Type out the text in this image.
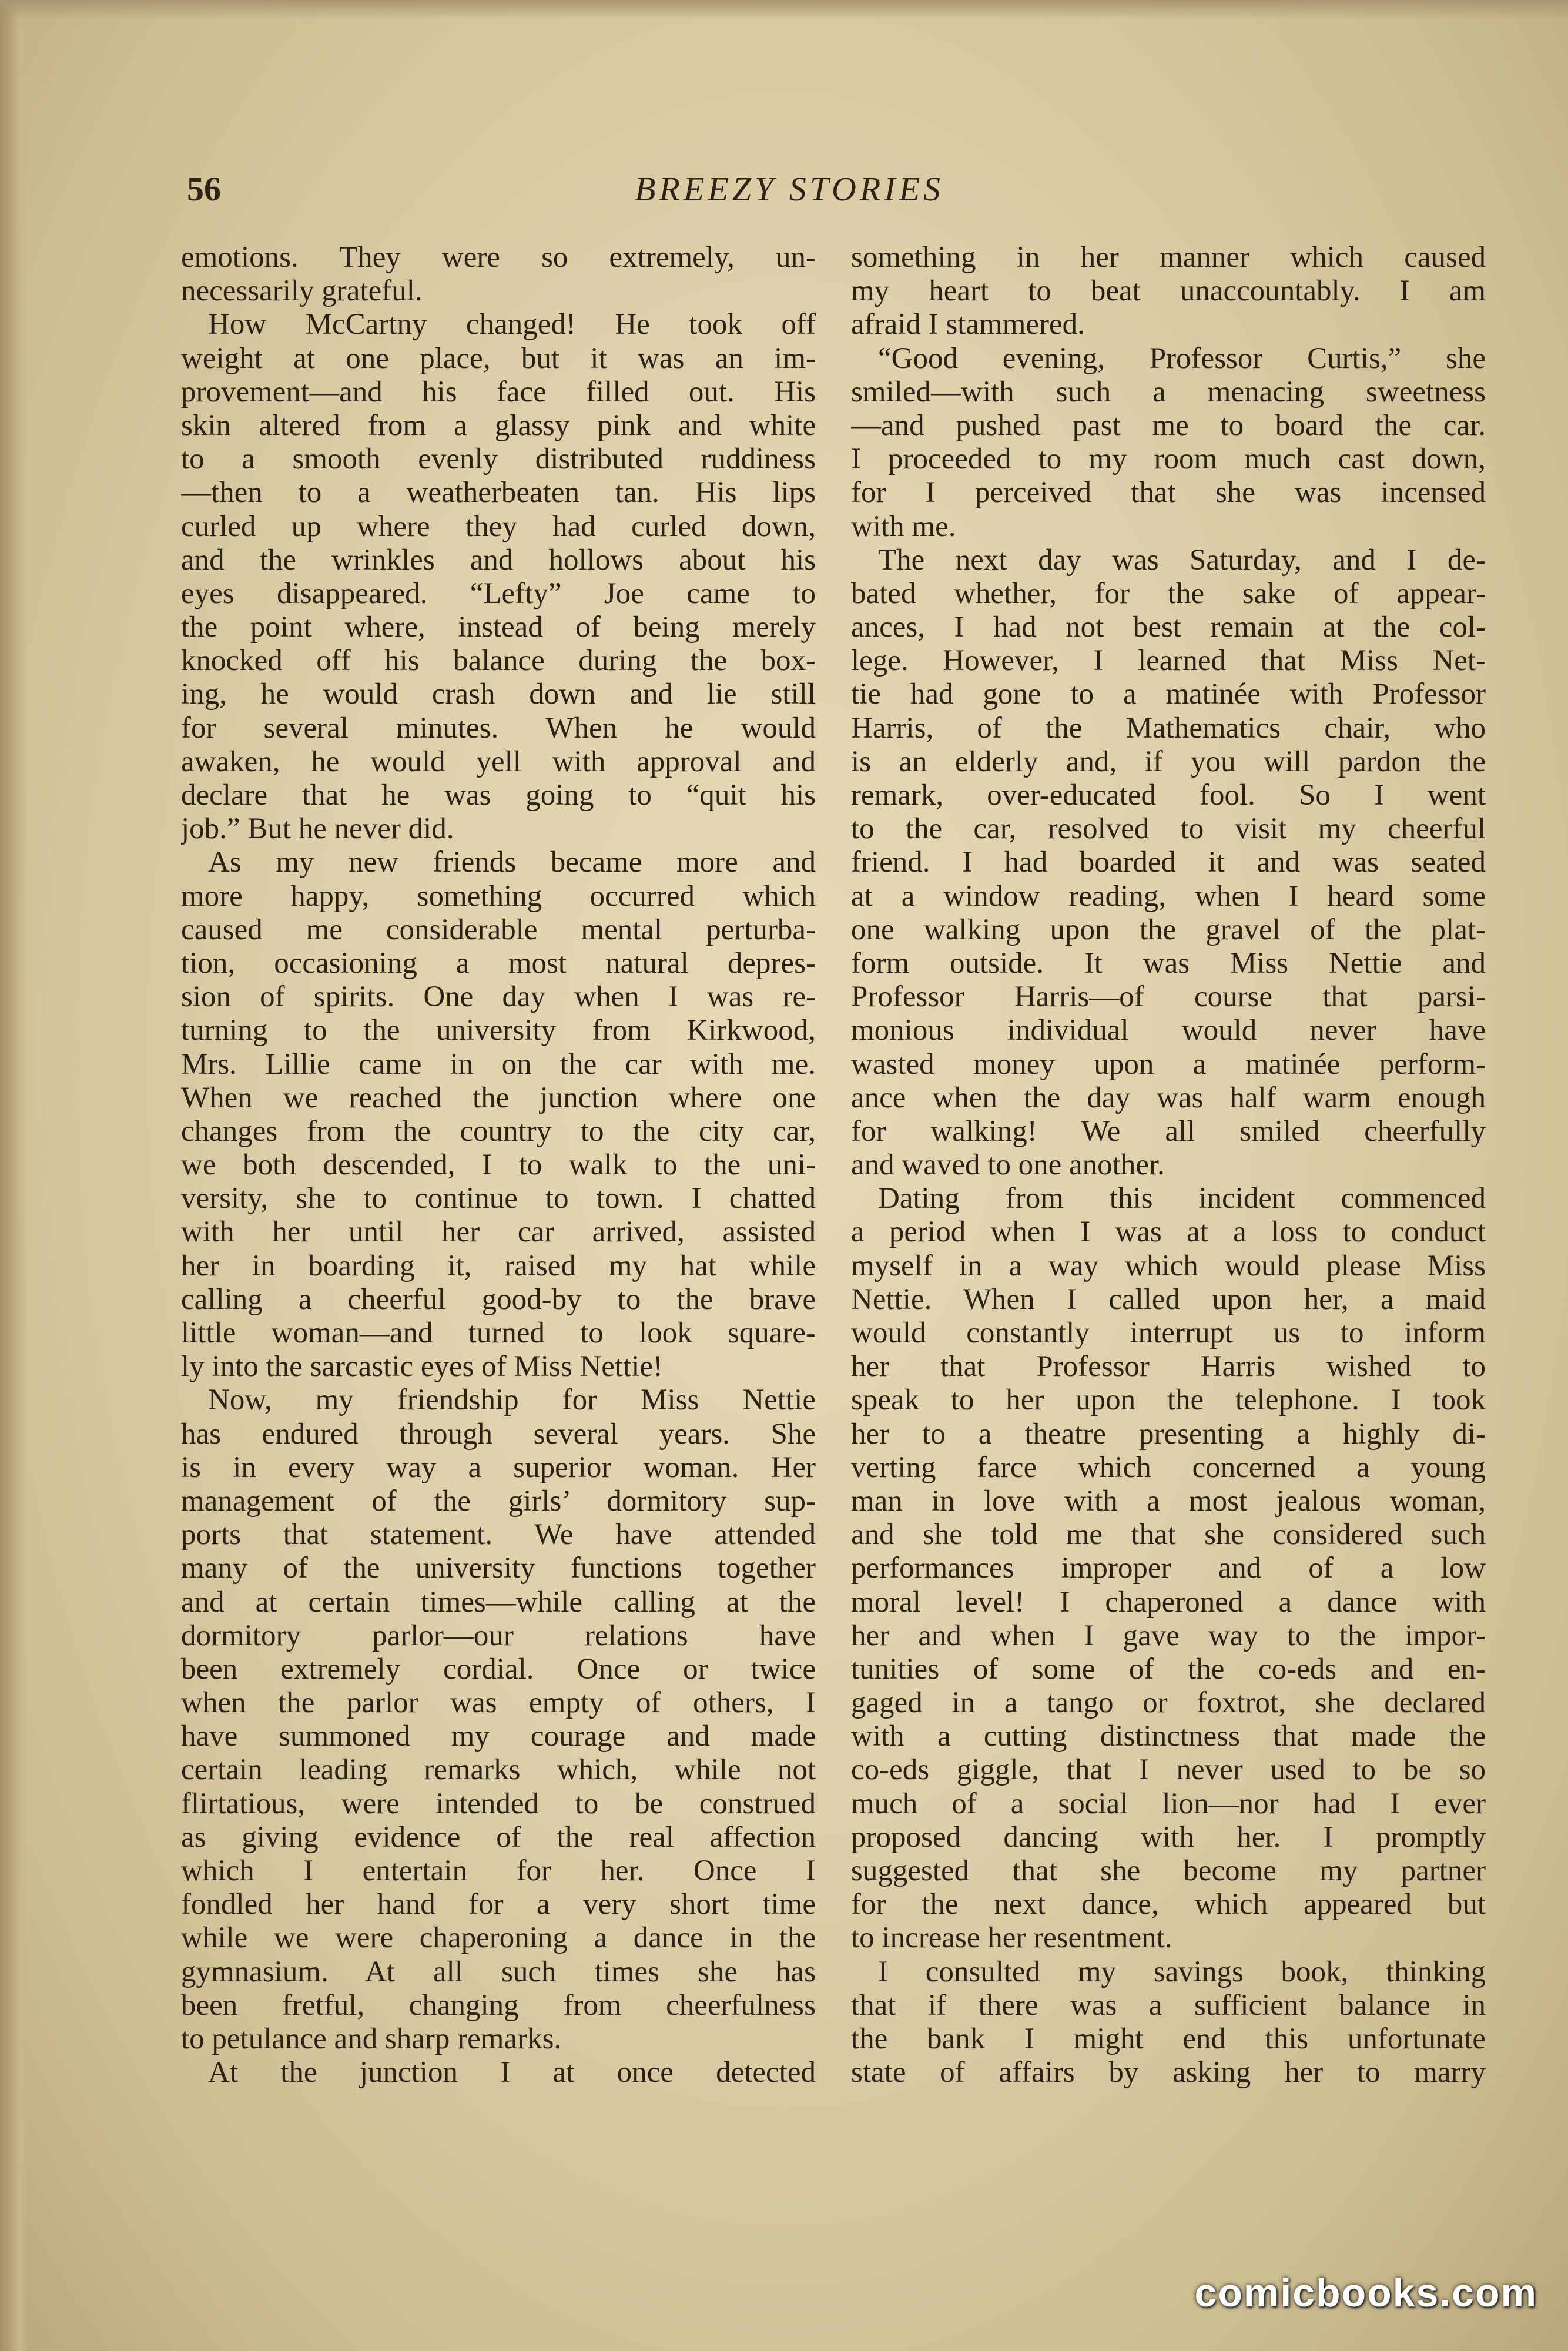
56	BREEZY STORIES
emotions. They were so extremely, un-
necessarily grateful.
How McCartny changed! He took off
weight at one place, but it was an im-
provement—and his face filled out. His
skin altered from a glassy pink and white
to a smooth evenly distributed ruddiness
—then to a weatherbeaten tan. His lips
curled up where they had curled down,
and the wrinkles and hollows about his
eyes disappeared. “Lefty” Joe came to
the point where, instead of being merely
knocked off his balance during the box-
ing, he would crash down and lie still
for several minutes. When he would
awaken, he would yell with approval and
declare that he was going to “quit his
job.” But he never did.
As my new friends became more and
more happy, something occurred which
caused me considerable mental perturba-
tion, occasioning a most natural depres-
sion of spirits. One day when I was re-
turning to the university from Kirkwood,
Mrs. Lillie came in on the car with me.
When we reached the junction where one
changes from the country to the city car,
we both descended, I to walk to the uni-
versity, she to continue to town. I chatted
with her until her car arrived, assisted
her in boarding it, raised my hat while
calling a cheerful good-by to the brave
little woman—and turned to look square-
ly into the sarcastic eyes of Miss Nettie!
Now, my friendship for Miss Nettie
has endured through several years. She
is in every way a superior woman. Her
management of the girls’ dormitory sup-
ports that statement. We have attended
many of the university functions together
and at certain times—while calling at the
dormitory parlor—our relations have
been extremely cordial. Once or twice
when the parlor was empty of others, I
have summoned my courage and made
certain leading remarks which, while not
flirtatious, were intended to be construed
as giving evidence of the real affection
which I entertain for her. Once I
fondled her hand for a very short time
while we were chaperoning a dance in the
gymnasium. At all such times she has
been fretful, changing from cheerfulness
to petulance and sharp remarks.
At the junction I at once detected
something in her manner which caused
my heart to beat unaccountably. I am
afraid I stammered.
“Good evening, Professor Curtis,” she
smiled—with such a menacing sweetness
—and pushed past me to board the car.
I proceeded to my room much cast down,
for I perceived that she was incensed
with me.
The next day was Saturday, and I de-
bated whether, for the sake of appear-
ances, I had not best remain at the col-
lege. However, I learned that Miss Net-
tie had gone to a matinée with Professor
Harris, of the Mathematics chair, who
is an elderly and, if you will pardon the
remark, over-educated fool. So I went
to the car, resolved to visit my cheerful
friend. I had boarded it and was seated
at a window reading, when I heard some
one walking upon the gravel of the plat-
form outside. It was Miss Nettie and
Professor Harris—of course that parsi-
monious individual would never have
wasted money upon a matinée perform-
ance when the day was half warm enough
for walking! We all smiled cheerfully
and waved to one another.
Dating from this incident commenced
a period when I was at a loss to conduct
myself in a way which would please Miss
Nettie. When I called upon her, a maid
would constantly interrupt us to inform
her that Professor Harris wished to
speak to her upon the telephone. I took
her to a theatre presenting a highly di-
verting farce which concerned a young
man in love with a most jealous woman,
and she told me that she considered such
performances improper and of a low
moral level! I chaperoned a dance with
her and when I gave way to the impor-
tunities of some of the co-eds and en-
gaged in a tango or foxtrot, she declared
with a cutting distinctness that made the
co-eds giggle, that I never used to be so
much of a social lion—nor had I ever
proposed dancing with her. I promptly
suggested that she become my partner
for the next dance, which appeared but
to increase her resentment.
I consulted my savings book, thinking
that if there was a sufficient balance in
the bank I might end this unfortunate
state of affairs by asking her to marry
comicbooks.com
